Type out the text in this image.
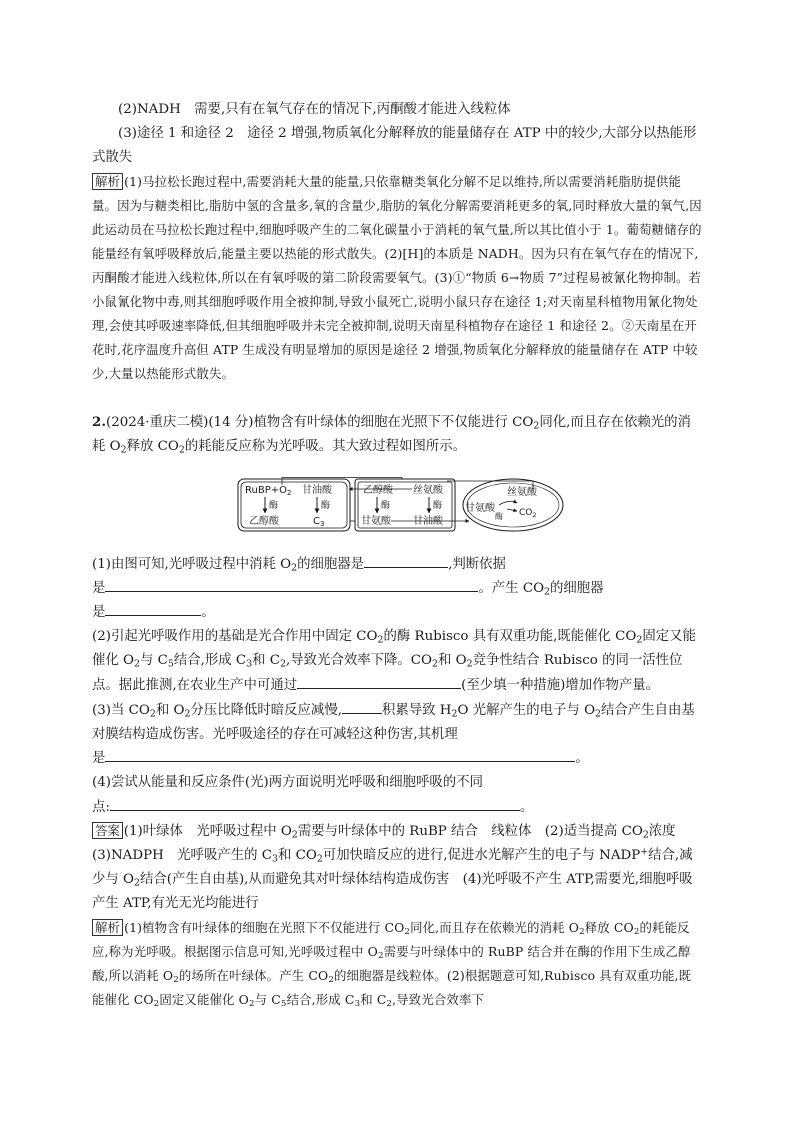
(2)NADH　需要,只有在氧气存在的情况下,丙酮酸才能进入线粒体

(3)途径 1 和途径 2　途径 2 增强,物质氧化分解释放的能量储存在 ATP 中的较少,大部分以热能形式散失

解析 (1)马拉松长跑过程中,需要消耗大量的能量,只依靠糖类氧化分解不足以维持,所以需要消耗脂肪提供能量。因为与糖类相比,脂肪中氢的含量多,氧的含量少,脂肪的氧化分解需要消耗更多的氧,同时释放大量的氧气,因此运动员在马拉松长跑过程中,细胞呼吸产生的二氧化碳量小于消耗的氧气量,所以其比值小于 1。葡萄糖储存的能量经有氧呼吸释放后,能量主要以热能的形式散失。(2)[H]的本质是 NADH。因为只有在氧气存在的情况下,丙酮酸才能进入线粒体,所以在有氧呼吸的第二阶段需要氧气。(3)①“物质 6→物质 7”过程易被氰化物抑制。若小鼠氰化物中毒,则其细胞呼吸作用全被抑制,导致小鼠死亡,说明小鼠只存在途径 1;对天南星科植物用氰化物处理,会使其呼吸速率降低,但其细胞呼吸并未完全被抑制,说明天南星科植物存在途径 1 和途径 2。②天南星在开花时,花序温度升高但 ATP 生成没有明显增加的原因是途径 2 增强,物质氧化分解释放的能量储存在 ATP 中较少,大量以热能形式散失。

2.(2024·重庆二模)(14 分)植物含有叶绿体的细胞在光照下不仅能进行 $CO_2$同化,而且存在依赖光的消耗 $O_2$释放 $CO_2$的耗能反应称为光呼吸。其大致过程如图所示。

$RuBP+O_2$ 甘油酸
酶	酶
乙醇酸	$C_3$
乙醇酸 丝氨酸
酶	酶
甘氨酸 甘油酸
甘氨酸
丝氨酸
$CO_2$
酶

(1)由图可知,光呼吸过程中消耗 $O_2$的细胞器是	,判断依据

是	。产生 $CO_2$的细胞器

是	。

(2)引起光呼吸作用的基础是光合作用中固定 $CO_2$的酶 Rubisco 具有双重功能,既能催化 $CO_2$固定又能催化 $O_2$与 $C_5$结合,形成 $C_3$和 $C_2$,导致光合效率下降。$CO_2$和 $O_2$竞争性结合 Rubisco 的同一活性位点。据此推测,在农业生产中可通过	(至少填一种措施)增加作物产量。

(3)当 $CO_2$和 $O_2$分压比降低时暗反应减慢,	积累导致 $H_2O$ 光解产生的电子与 $O_2$结合产生自由基对膜结构造成伤害。光呼吸途径的存在可减轻这种伤害,其机理

是	。

(4)尝试从能量和反应条件(光)两方面说明光呼吸和细胞呼吸的不同

点:	。

答案 (1)叶绿体　光呼吸过程中 $O_2$需要与叶绿体中的 RuBP 结合　线粒体　(2)适当提高 $CO_2$浓度
(3)NADPH　光呼吸产生的 $C_3$和 $CO_2$可加快暗反应的进行,促进水光解产生的电子与 NADP+结合,减少与 $O_2$结合(产生自由基),从而避免其对叶绿体结构造成伤害　(4)光呼吸不产生 ATP,需要光,细胞呼吸产生 ATP,有光无光均能进行

解析 (1)植物含有叶绿体的细胞在光照下不仅能进行 $CO_2$同化,而且存在依赖光的消耗 $O_2$释放 $CO_2$的耗能反应,称为光呼吸。根据图示信息可知,光呼吸过程中 $O_2$需要与叶绿体中的 RuBP 结合并在酶的作用下生成乙醇酸,所以消耗 $O_2$的场所在叶绿体。产生 $CO_2$的细胞器是线粒体。(2)根据题意可知,Rubisco 具有双重功能,既能催化 $CO_2$固定又能催化 $O_2$与 $C_5$结合,形成 $C_3$和 $C_2$,导致光合效率下
